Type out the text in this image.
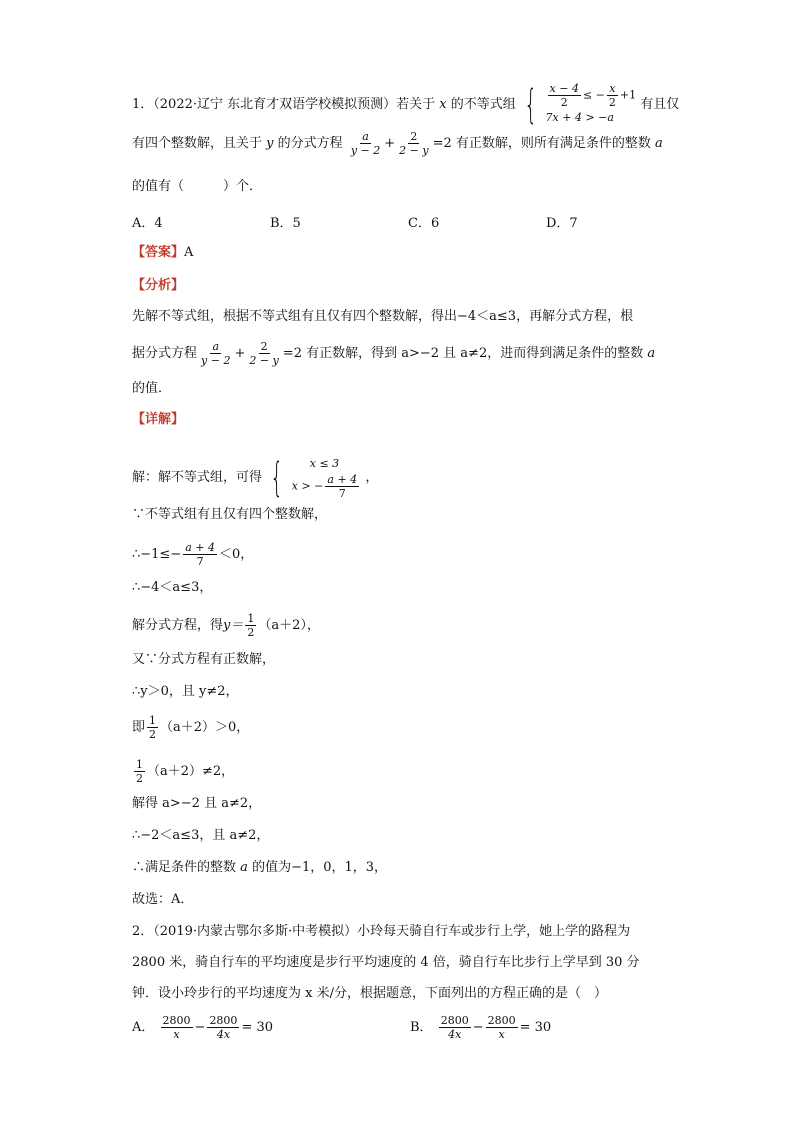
1．（2022·辽宁 东北育才双语学校模拟预测）若关于 x 的不等式组 { $\frac{x - 4}{2}$ ≤ − $\frac{x}{2} +1$
7x + 4 > −a
有且仅
有四个整数解，且关于 y 的分式方程 $\frac{a}{y - 2} + \frac{2}{2 - y} =2$ 有正数解，则所有满足条件的整数 a
的值有（　　　）个．
A．4	B．5	C．6	D．7
【答案】A
【分析】
先解不等式组，根据不等式组有且仅有四个整数解，得出−4＜a≤3，再解分式方程，根
据分式方程 $\frac{a}{y - 2} + \frac{2}{2 - y} =2$ 有正数解，得到 a>−2 且 a≠2，进而得到满足条件的整数 a
的值．
【详解】
解：解不等式组，可得 {	x ≤ 3
x > − $\frac{a + 4}{7}$ ，
∵不等式组有且仅有四个整数解，
∴−1≤− $\frac{a + 4}{7} <0$，
∴−4＜a≤3，
解分式方程，得$y= \frac{1}{2} (a+2)$，
又∵分式方程有正数解，
∴y＞0，且 y≠2，
即 $\frac{1}{2} (a+2)>0$，
$\frac{1}{2} (a+2)\ne 2$，
解得 a>−2 且 a≠2，
∴−2＜a≤3，且 a≠2，
∴满足条件的整数 a 的值为−1，0，1，3，
故选：A．
2．（2019·内蒙古鄂尔多斯·中考模拟）小玲每天骑自行车或步行上学，她上学的路程为
2800 米，骑自行车的平均速度是步行平均速度的 4 倍，骑自行车比步行上学早到 30 分
钟．设小玲步行的平均速度为 x 米/分，根据题意，下面列出的方程正确的是（　）
A． $\frac{2800}{x} - \frac{2800}{4x} = 30$	B． $\frac{2800}{4x} - \frac{2800}{x} = 30$
